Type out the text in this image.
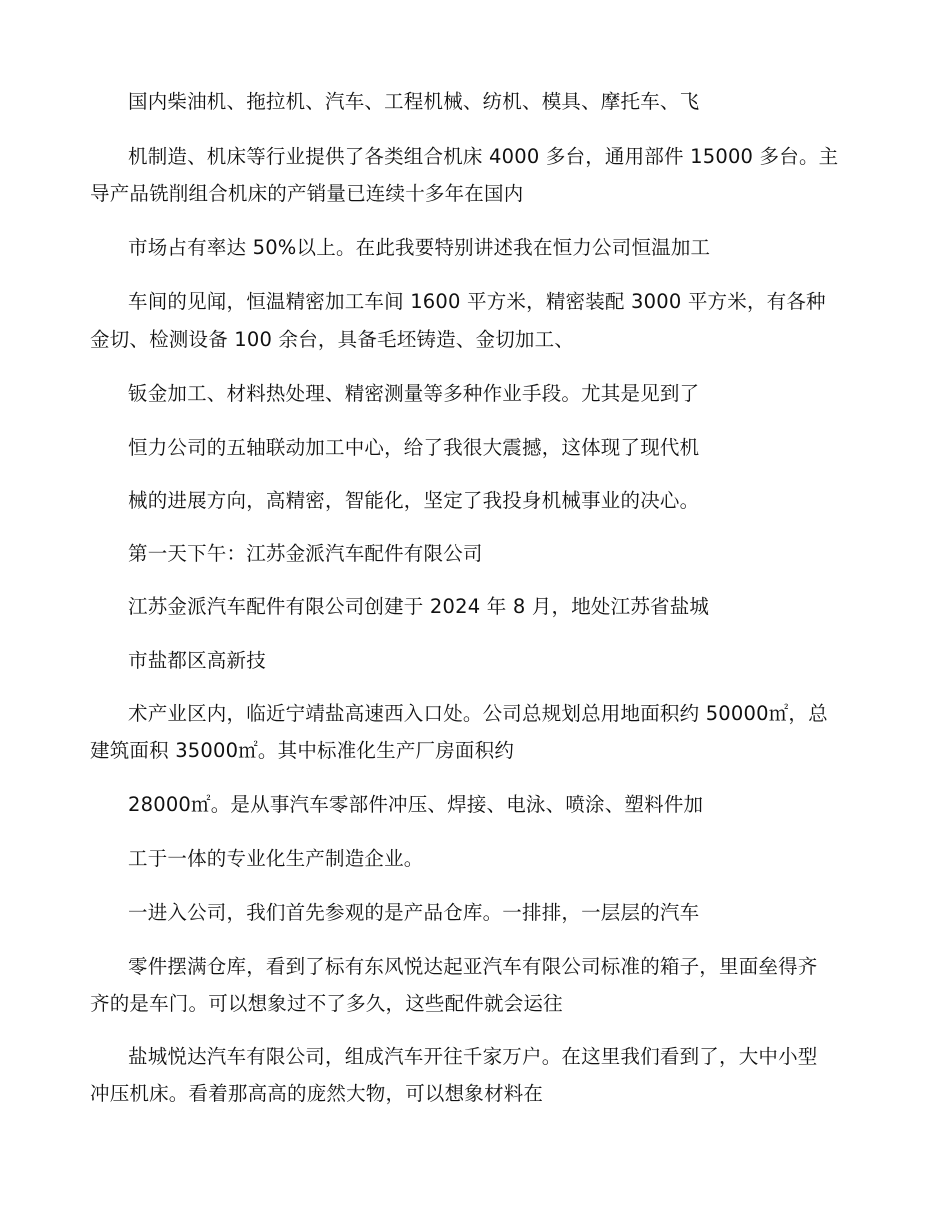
国内柴油机、拖拉机、汽车、工程机械、纺机、模具、摩托车、飞

机制造、机床等行业提供了各类组合机床 4000 多台，通用部件 15000 多台。主

导产品铣削组合机床的产销量已连续十多年在国内

市场占有率达 50%以上。在此我要特别讲述我在恒力公司恒温加工

车间的见闻，恒温精密加工车间 1600 平方米，精密装配 3000 平方米，有各种

金切、检测设备 100 余台，具备毛坯铸造、金切加工、

钣金加工、材料热处理、精密测量等多种作业手段。尤其是见到了

恒力公司的五轴联动加工中心，给了我很大震撼，这体现了现代机

械的进展方向，高精密，智能化，坚定了我投身机械事业的决心。

第一天下午：江苏金派汽车配件有限公司

江苏金派汽车配件有限公司创建于 2024 年 8 月，地处江苏省盐城

市盐都区高新技

术产业区内，临近宁靖盐高速西入口处。公司总规划总用地面积约 50000㎡，总

建筑面积 35000㎡。其中标准化生产厂房面积约

28000㎡。是从事汽车零部件冲压、焊接、电泳、喷涂、塑料件加

工于一体的专业化生产制造企业。

一进入公司，我们首先参观的是产品仓库。一排排，一层层的汽车

零件摆满仓库，看到了标有东风悦达起亚汽车有限公司标准的箱子，里面垒得齐

齐的是车门。可以想象过不了多久，这些配件就会运往

盐城悦达汽车有限公司，组成汽车开往千家万户。在这里我们看到了，大中小型

冲压机床。看着那高高的庞然大物，可以想象材料在
